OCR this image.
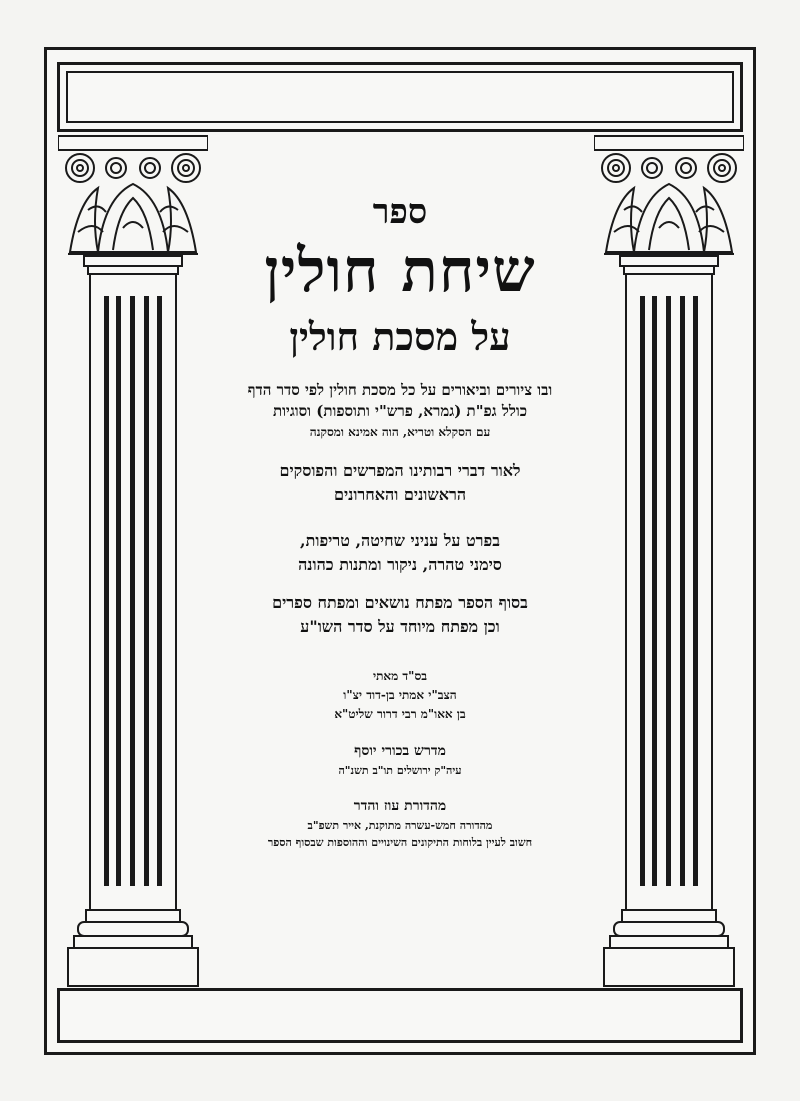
ספר
שיחת חולין
על מסכת חולין
ובו ציורים וביאורים על כל מסכת חולין לפי סדר הדף
כולל גפ"ת (גמרא, פרש"י ותוספות) וסוגיות
עם הסקלא וטריא, הוה אמינא ומסקנה
לאור דברי רבותינו המפרשים והפוסקים
הראשונים והאחרונים
בפרט על עניני שחיטה, טריפות,
סימני טהרה, ניקור ומתנות כהונה
בסוף הספר מפתח נושאים ומפתח ספרים
וכן מפתח מיוחד על סדר השו"ע
בס"ד מאתי
הצב"י אמתי בן-דוד יצ"ו
בן אאו"מ רבי דרור שליט"א
מדרש בכורי יוסף
עיה"ק ירושלים תו"ב תשנ"ה
מהדורת עוז והדר
מהדורה חמש-עשרה מתוקנת, אייר תשפ"ב
חשוב לעיין בלוחות התיקונים השינויים וההוספות שבסוף הספר
